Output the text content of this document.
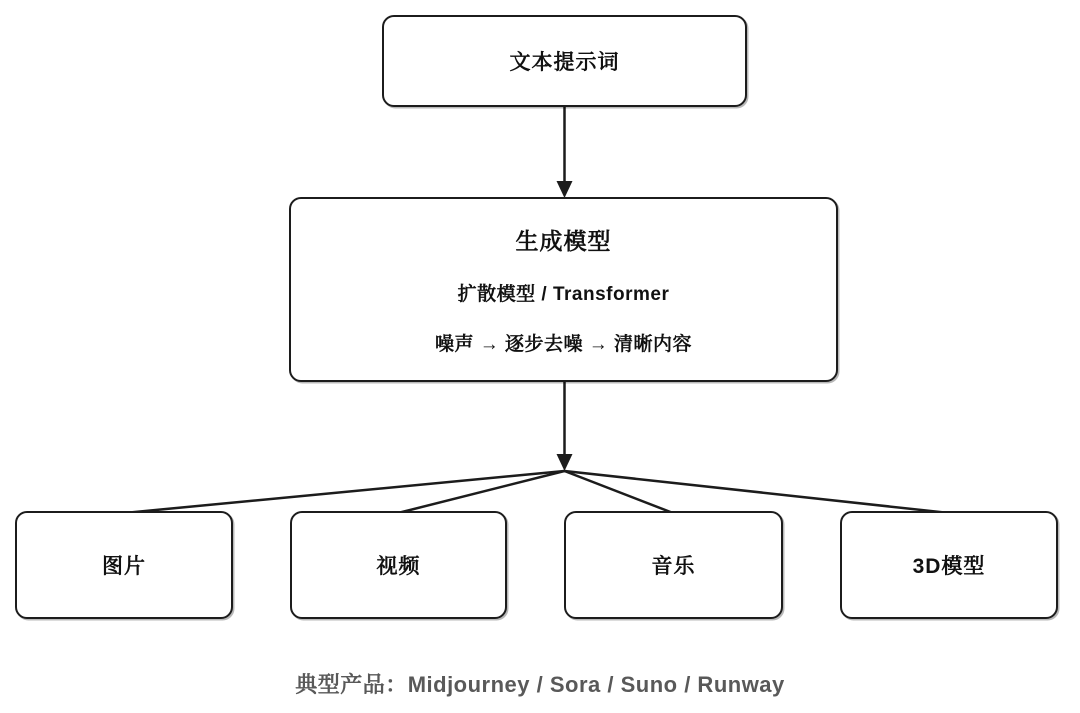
文本提示词
生成模型
扩散模型 / Transformer
噪声 → 逐步去噪 → 清晰内容
图片	视频	音乐	3D模型
典型产品：Midjourney / Sora / Suno / Runway
